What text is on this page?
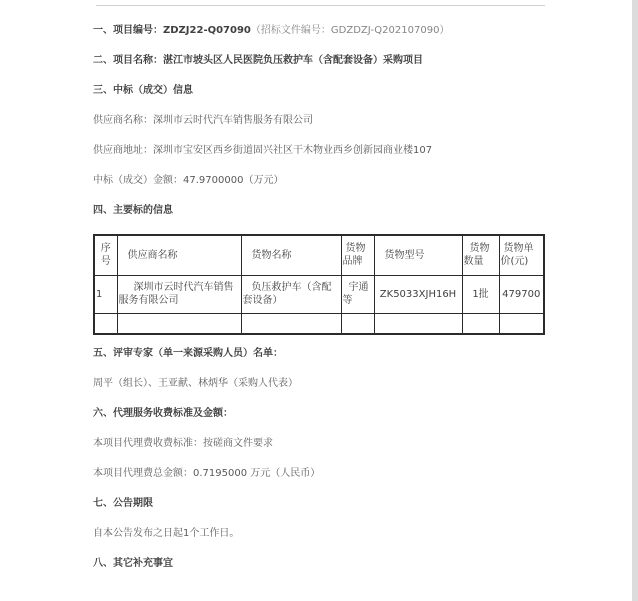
一、项目编号：ZDZJ22-Q07090（招标文件编号：GDZDZJ-Q202107090）

二、项目名称：湛江市坡头区人民医院负压救护车（含配套设备）采购项目

三、中标（成交）信息

供应商名称：深圳市云时代汽车销售服务有限公司

供应商地址：深圳市宝安区西乡街道固兴社区干木物业西乡创新园商业楼107

中标（成交）金额：47.9700000（万元）

四、主要标的信息

序号	供应商名称	货物名称	货物品牌	货物型号	货物数量	货物单价(元)
1	深圳市云时代汽车销售服务有限公司	负压救护车（含配套设备）	宇通等	ZK5033XJH16H	1批	479700

五、评审专家（单一来源采购人员）名单：

周平（组长）、王亚献、林炳华（采购人代表）

六、代理服务收费标准及金额：

本项目代理费收费标准：按磋商文件要求

本项目代理费总金额：0.7195000 万元（人民币）

七、公告期限

自本公告发布之日起1个工作日。

八、其它补充事宜
